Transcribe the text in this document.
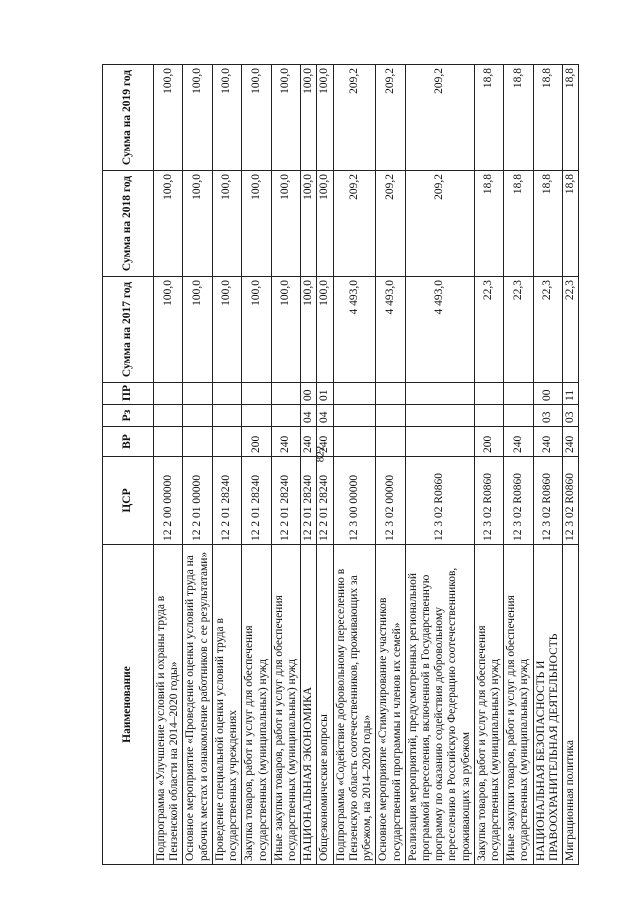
822
Наименование	ЦСР	ВР	Рз	ПР	Сумма на 2017 год	Сумма на 2018 год	Сумма на 2019 год
Подпрограмма «Улучшение условий и охраны труда в Пензенской области на 2014–2020 годы»	12 2 00 00000				100,0	100,0	100,0
Основное мероприятие «Проведение оценки условий труда на рабочих местах и ознакомление работников с ее результатами»	12 2 01 00000				100,0	100,0	100,0
Проведение специальной оценки условий труда в государственных учреждениях	12 2 01 28240				100,0	100,0	100,0
Закупка товаров, работ и услуг для обеспечения государственных (муниципальных) нужд	12 2 01 28240	200			100,0	100,0	100,0
Иные закупки товаров, работ и услуг для обеспечения государственных (муниципальных) нужд	12 2 01 28240	240			100,0	100,0	100,0
НАЦИОНАЛЬНАЯ ЭКОНОМИКА	12 2 01 28240	240	04	00	100,0	100,0	100,0
Общеэкономические вопросы	12 2 01 28240	240	04	01	100,0	100,0	100,0
Подпрограмма «Содействие добровольному переселению в Пензенскую область соотечественников, проживающих за рубежом, на 2014–2020 годы»	12 3 00 00000				4 493,0	209,2	209,2
Основное мероприятие «Стимулирование участников государственной программы и членов их семей»	12 3 02 00000				4 493,0	209,2	209,2
Реализация мероприятий, предусмотренных региональной программой переселения, включенной в Государственную программу по оказанию содействия добровольному переселению в Российскую Федерацию соотечественников, проживающих за рубежом	12 3 02 R0860				4 493,0	209,2	209,2
Закупка товаров, работ и услуг для обеспечения государственных (муниципальных) нужд	12 3 02 R0860	200			22,3	18,8	18,8
Иные закупки товаров, работ и услуг для обеспечения государственных (муниципальных) нужд	12 3 02 R0860	240			22,3	18,8	18,8
НАЦИОНАЛЬНАЯ БЕЗОПАСНОСТЬ И ПРАВООХРАНИТЕЛЬНАЯ ДЕЯТЕЛЬНОСТЬ	12 3 02 R0860	240	03	00	22,3	18,8	18,8
Миграционная политика	12 3 02 R0860	240	03	11	22,3	18,8	18,8
